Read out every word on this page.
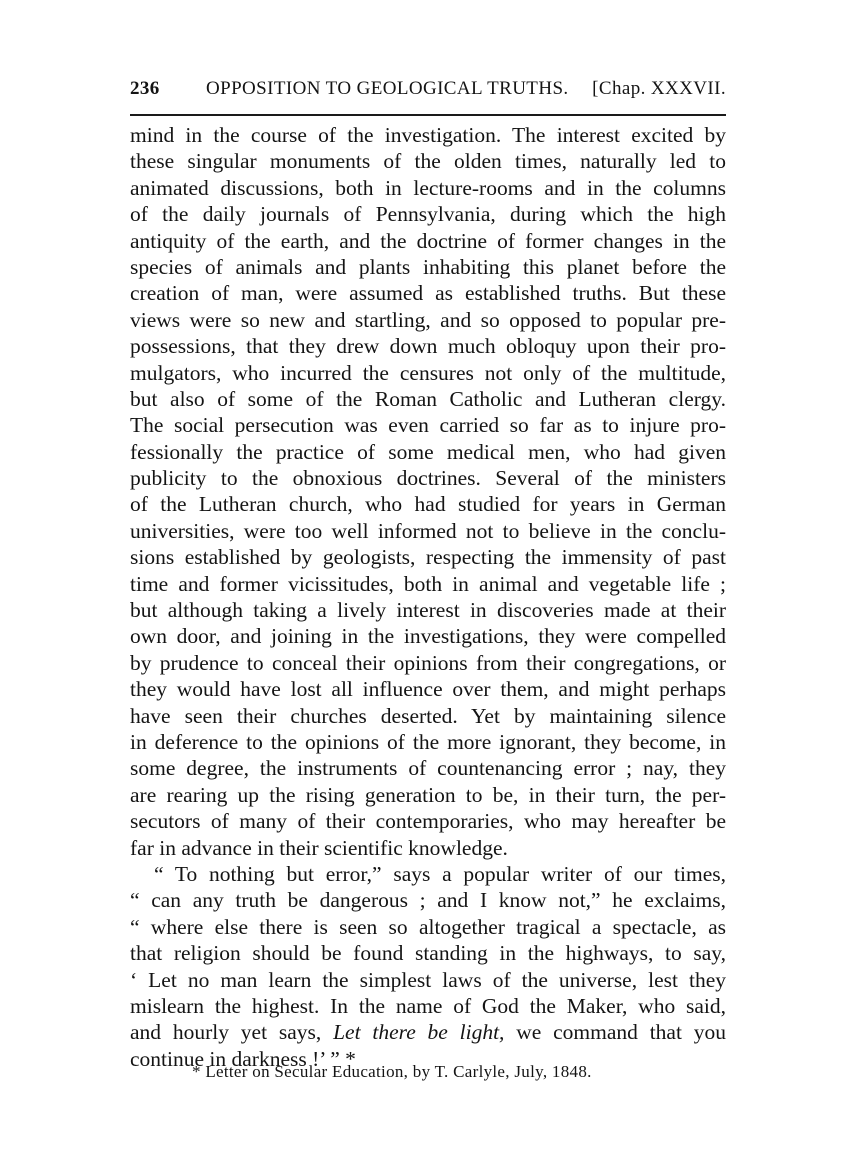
236 OPPOSITION TO GEOLOGICAL TRUTHS. [Chap. XXXVII.
mind in the course of the investigation. The interest excited by
these singular monuments of the olden times, naturally led to
animated discussions, both in lecture-rooms and in the columns
of the daily journals of Pennsylvania, during which the high
antiquity of the earth, and the doctrine of former changes in the
species of animals and plants inhabiting this planet before the
creation of man, were assumed as established truths. But these
views were so new and startling, and so opposed to popular pre-
possessions, that they drew down much obloquy upon their pro-
mulgators, who incurred the censures not only of the multitude,
but also of some of the Roman Catholic and Lutheran clergy.
The social persecution was even carried so far as to injure pro-
fessionally the practice of some medical men, who had given
publicity to the obnoxious doctrines. Several of the ministers
of the Lutheran church, who had studied for years in German
universities, were too well informed not to believe in the conclu-
sions established by geologists, respecting the immensity of past
time and former vicissitudes, both in animal and vegetable life ;
but although taking a lively interest in discoveries made at their
own door, and joining in the investigations, they were compelled
by prudence to conceal their opinions from their congregations, or
they would have lost all influence over them, and might perhaps
have seen their churches deserted. Yet by maintaining silence
in deference to the opinions of the more ignorant, they become, in
some degree, the instruments of countenancing error ; nay, they
are rearing up the rising generation to be, in their turn, the per-
secutors of many of their contemporaries, who may hereafter be
far in advance in their scientific knowledge.
“ To nothing but error,” says a popular writer of our times,
“ can any truth be dangerous ; and I know not,” he exclaims,
“ where else there is seen so altogether tragical a spectacle, as
that religion should be found standing in the highways, to say,
‘ Let no man learn the simplest laws of the universe, lest they
mislearn the highest. In the name of God the Maker, who said,
and hourly yet says, Let there be light, we command that you
continue in darkness !’ ” *
* Letter on Secular Education, by T. Carlyle, July, 1848.
